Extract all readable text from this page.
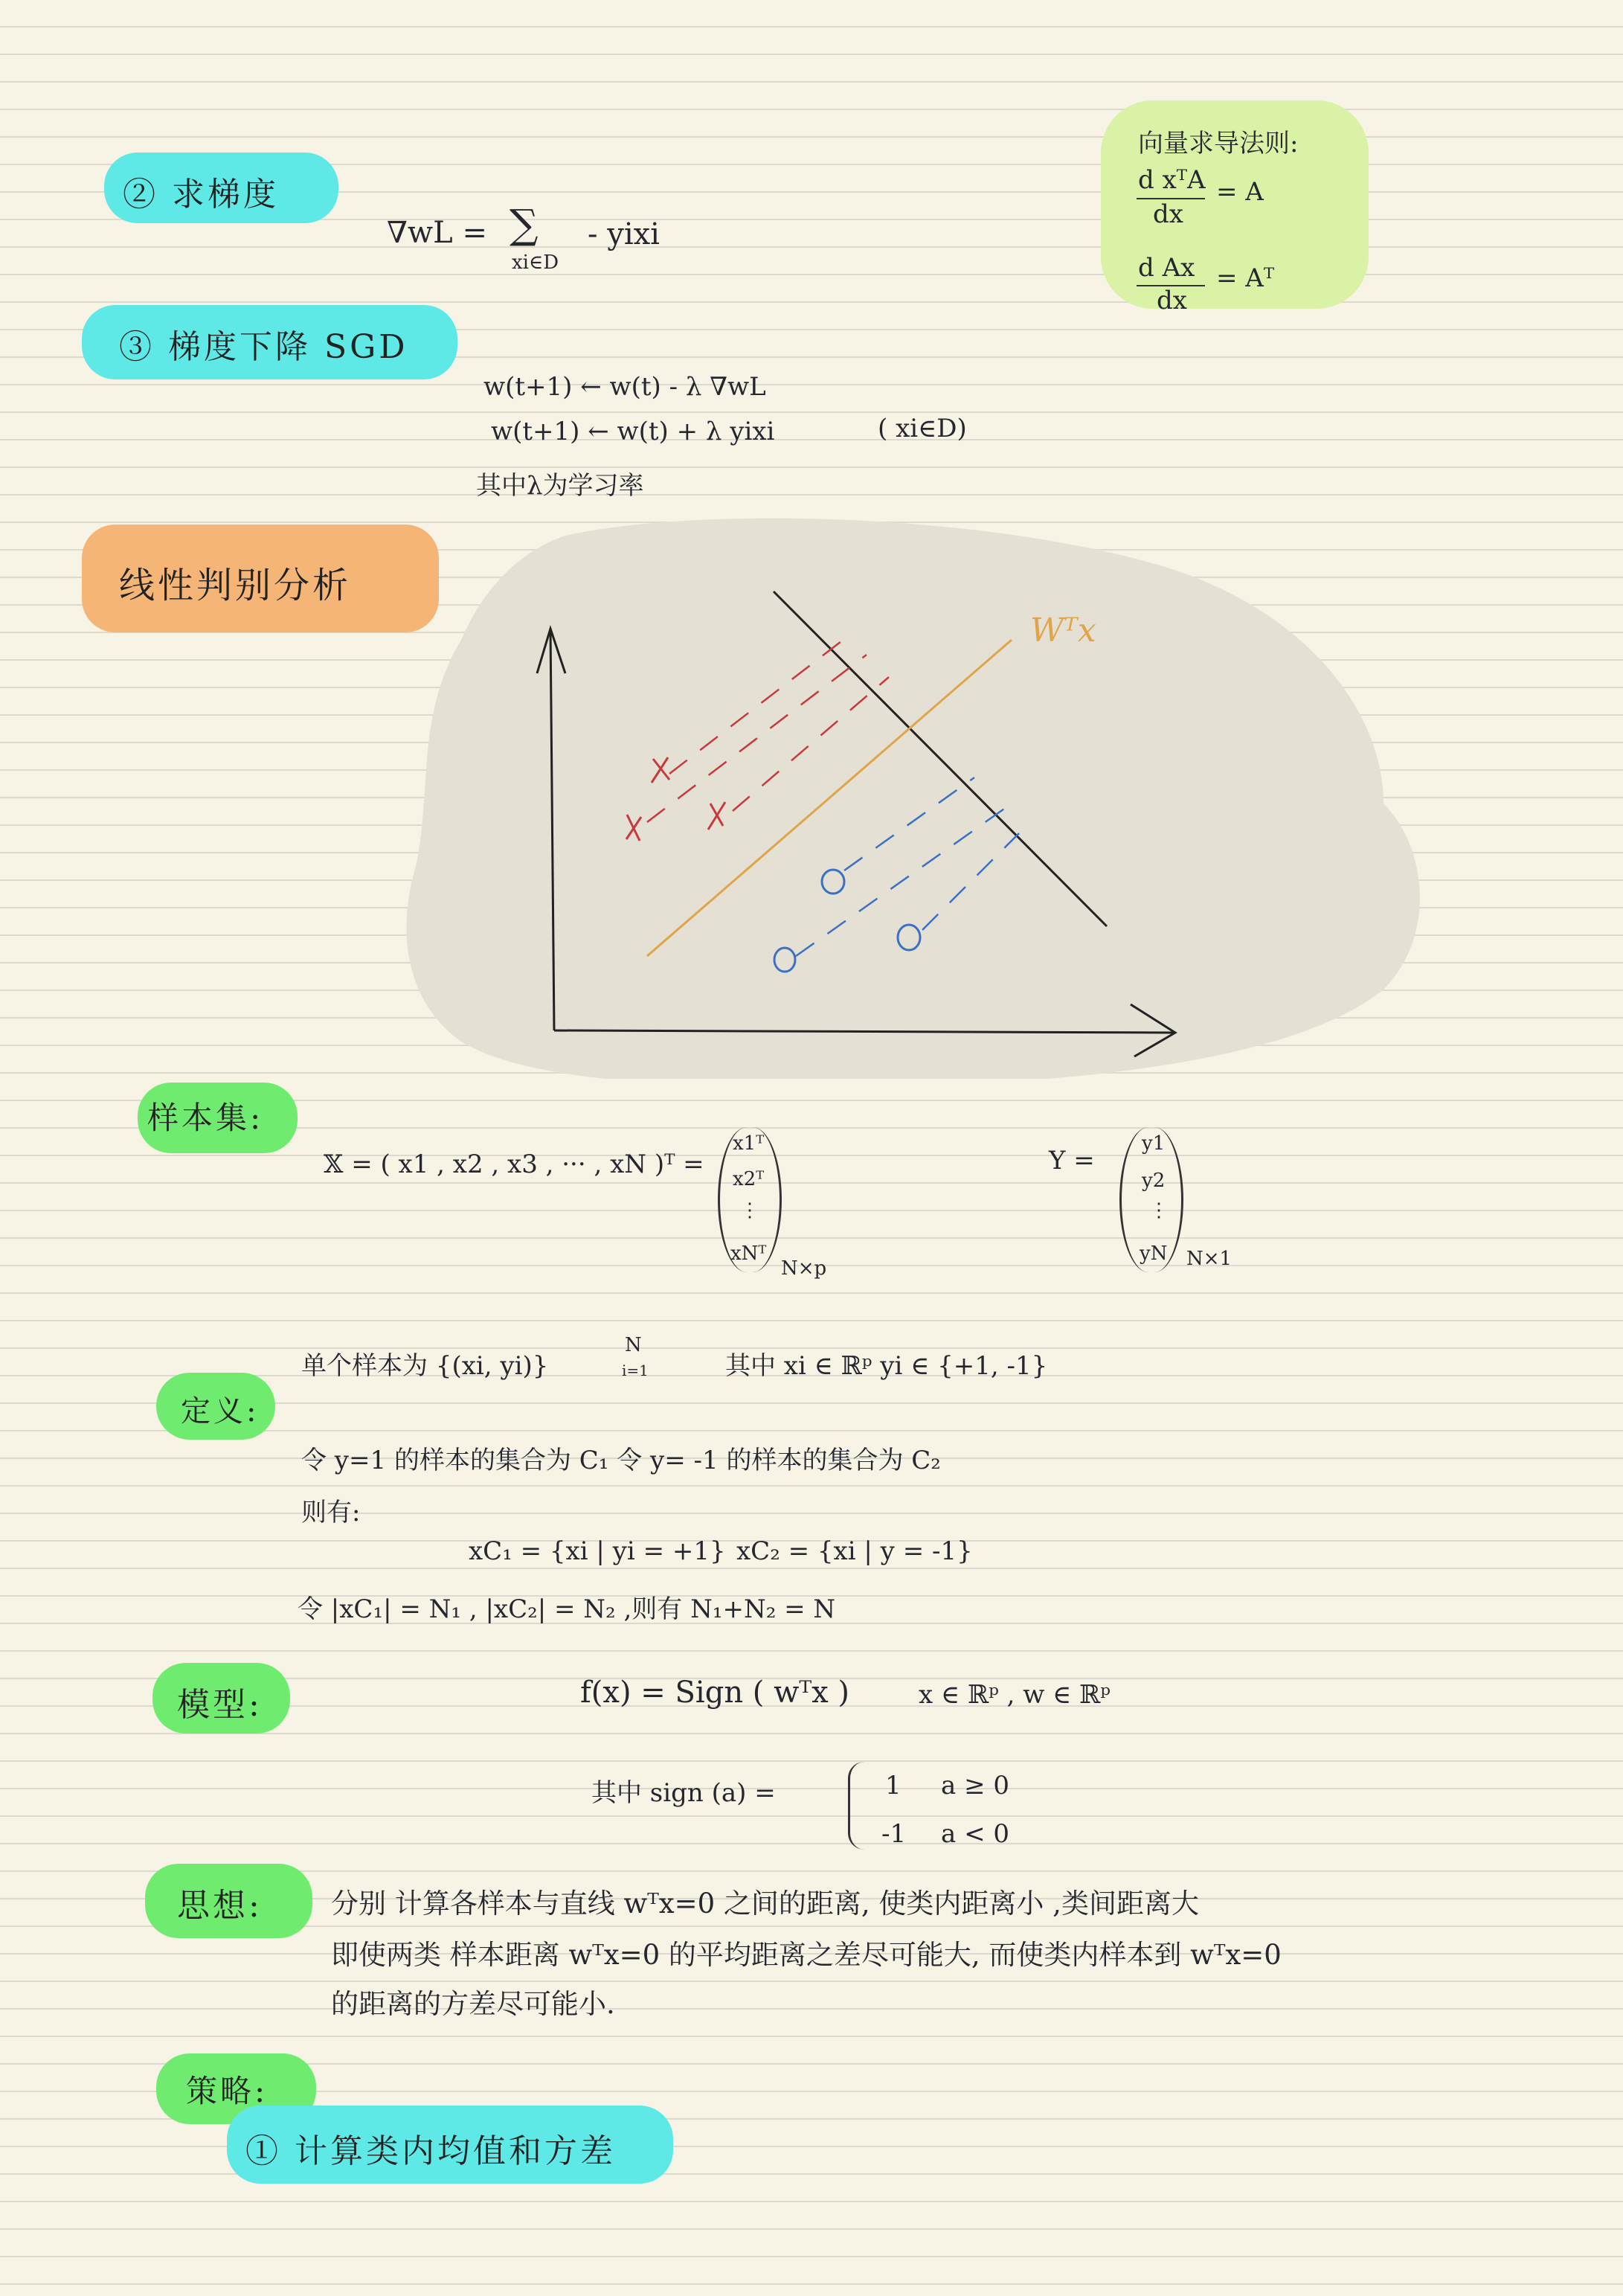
② 求梯度
∇wL = ∑
xi∈D
- yixi
③ 梯度下降 SGD
w(t+1) ← w(t) - λ ∇wL
w(t+1) ← w(t) + λ yixi	( xi∈D)
其中λ为学习率
向量求导法则:
d xᵀA
dx
= A
d Ax
dx
= Aᵀ
线性判别分析
Wᵀx
样本集:
𝕏 = ( x1 , x2 , x3 , ··· , xN )ᵀ =
x1ᵀ
x2ᵀ
⋮
xNᵀ
N×p
Y =
y1
y2
⋮
yN N×1
单个样本为 {(xi, yi)}
N
i=1	其中 xi ∈ ℝᵖ yi ∈ {+1, -1}
定义:
令 y=1 的样本的集合为 C₁ 令 y= -1 的样本的集合为 C₂
则有:
xC₁ = {xi | yi = +1} xC₂ = {xi | y = -1}
令 |xC₁| = N₁ , |xC₂| = N₂ ,则有 N₁+N₂ = N
模型:	f(x) = Sign ( wᵀx )	x ∈ ℝᵖ , w ∈ ℝᵖ
其中 sign (a) =	1 a ≥ 0
-1 a < 0
思想: 分别 计算各样本与直线 wᵀx=0 之间的距离, 使类内距离小 ,类间距离大
即使两类 样本距离 wᵀx=0 的平均距离之差尽可能大, 而使类内样本到 wᵀx=0
的距离的方差尽可能小.
策略:
① 计算类内均值和方差
